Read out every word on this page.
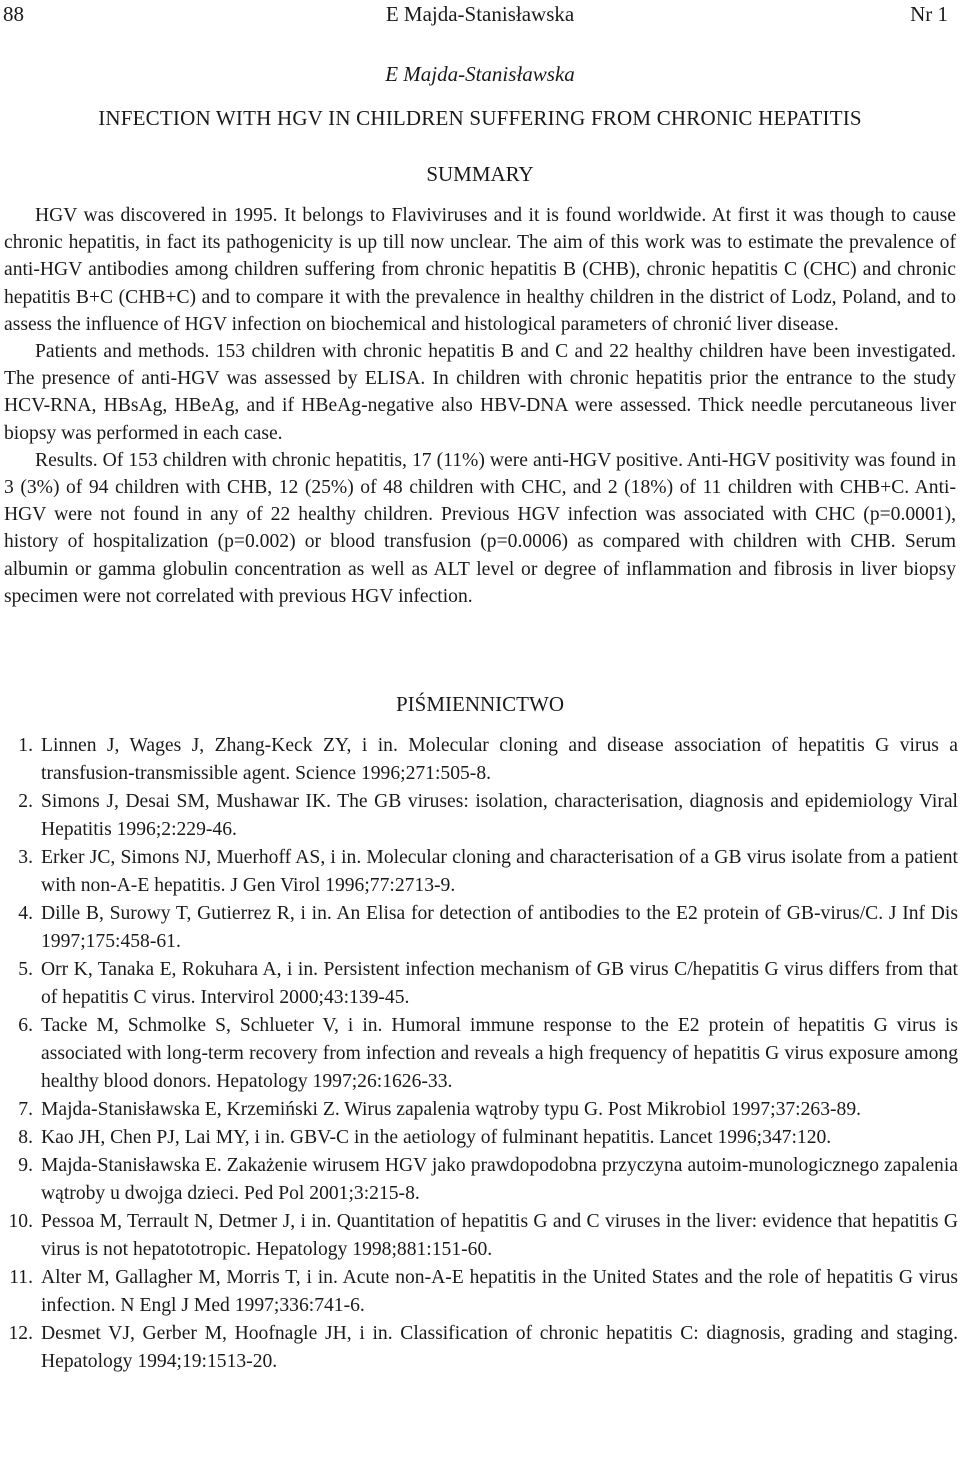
88	E Majda-Stanisławska	Nr 1
E Majda-Stanisławska
INFECTION WITH HGV IN CHILDREN SUFFERING FROM CHRONIC HEPATITIS
SUMMARY

HGV was discovered in 1995. It belongs to Flaviviruses and it is found worldwide. At first it was though to cause chronic hepatitis, in fact its pathogenicity is up till now unclear. The aim of this work was to estimate the prevalence of anti-HGV antibodies among children suffering from chronic hepatitis B (CHB), chronic hepatitis C (CHC) and chronic hepatitis B+C (CHB+C) and to compare it with the prevalence in healthy children in the district of Lodz, Poland, and to assess the influence of HGV infection on biochemical and histological parameters of chronić liver disease.

Patients and methods. 153 children with chronic hepatitis B and C and 22 healthy children have been investigated. The presence of anti-HGV was assessed by ELISA. In children with chronic hepatitis prior the entrance to the study HCV-RNA, HBsAg, HBeAg, and if HBeAg-negative also HBV-DNA were assessed. Thick needle percutaneous liver biopsy was performed in each case.

Results. Of 153 children with chronic hepatitis, 17 (11%) were anti-HGV positive. Anti-HGV positivity was found in 3 (3%) of 94 children with CHB, 12 (25%) of 48 children with CHC, and 2 (18%) of 11 children with CHB+C. Anti-HGV were not found in any of 22 healthy children. Previous HGV infection was associated with CHC (p=0.0001), history of hospitalization (p=0.002) or blood transfusion (p=0.0006) as compared with children with CHB. Serum albumin or gamma globulin concentration as well as ALT level or degree of inflammation and fibrosis in liver biopsy specimen were not correlated with previous HGV infection.

PIŚMIENNICTWO
1. Linnen J, Wages J, Zhang-Keck ZY, i in. Molecular cloning and disease association of hepatitis G virus a transfusion-transmissible agent. Science 1996;271:505-8.
2. Simons J, Desai SM, Mushawar IK. The GB viruses: isolation, characterisation, diagnosis and epidemiology Viral Hepatitis 1996;2:229-46.
3. Erker JC, Simons NJ, Muerhoff AS, i in. Molecular cloning and characterisation of a GB virus isolate from a patient with non-A-E hepatitis. J Gen Virol 1996;77:2713-9.
4. Dille B, Surowy T, Gutierrez R, i in. An Elisa for detection of antibodies to the E2 protein of GB-virus/C. J Inf Dis 1997;175:458-61.
5. Orr K, Tanaka E, Rokuhara A, i in. Persistent infection mechanism of GB virus C/hepatitis G virus differs from that of hepatitis C virus. Intervirol 2000;43:139-45.
6. Tacke M, Schmolke S, Schlueter V, i in. Humoral immune response to the E2 protein of hepatitis G virus is associated with long-term recovery from infection and reveals a high frequency of hepatitis G virus exposure among healthy blood donors. Hepatology 1997;26:1626-33.
7. Majda-Stanisławska E, Krzemiński Z. Wirus zapalenia wątroby typu G. Post Mikrobiol 1997;37:263-89.
8. Kao JH, Chen PJ, Lai MY, i in. GBV-C in the aetiology of fulminant hepatitis. Lancet 1996;347:120.
9. Majda-Stanisławska E. Zakażenie wirusem HGV jako prawdopodobna przyczyna autoim-munologicznego zapalenia wątroby u dwojga dzieci. Ped Pol 2001;3:215-8.
10. Pessoa M, Terrault N, Detmer J, i in. Quantitation of hepatitis G and C viruses in the liver: evidence that hepatitis G virus is not hepatototropic. Hepatology 1998;881:151-60.
11. Alter M, Gallagher M, Morris T, i in. Acute non-A-E hepatitis in the United States and the role of hepatitis G virus infection. N Engl J Med 1997;336:741-6.
12. Desmet VJ, Gerber M, Hoofnagle JH, i in. Classification of chronic hepatitis C: diagnosis, grading and staging. Hepatology 1994;19:1513-20.
